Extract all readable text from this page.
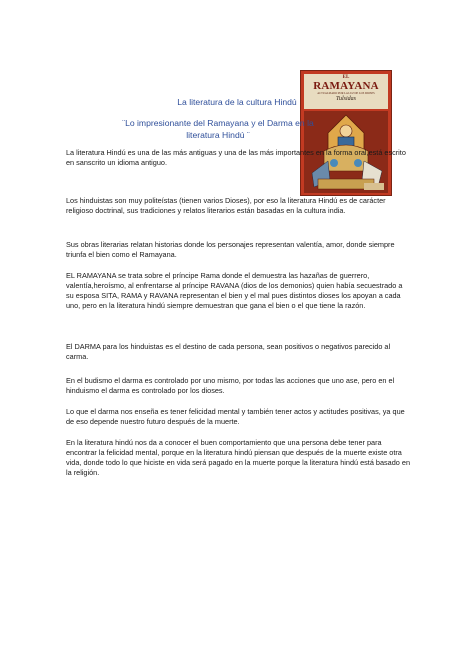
EL
RAMAYANA
ACTUALIZADO POR LA LUZ DE LOS DIOSES
Tulsidas
La literatura de la cultura Hindú
¨Lo impresionante del Ramayana y el Darma en la literatura Hindú ¨

La literatura Hindú es una de las más antiguas y una de las más importantes en la forma oral,está escrito en sanscrito un idioma antiguo.

Los hinduistas son muy politeístas (tienen varios Dioses), por eso la literatura Hindú es de carácter religioso doctrinal, sus tradiciones y relatos literarios están basadas en la cultura india.

Sus obras literarias relatan historias donde los personajes representan valentía, amor, donde siempre triunfa el bien como el Ramayana.

EL RAMAYANA se trata sobre el príncipe Rama donde el demuestra las hazañas de guerrero, valentía,heroísmo, al enfrentarse al príncipe RAVANA (dios de los demonios) quien había secuestrado a su esposa SITA, RAMA y RAVANA representan el bien y el mal pues distintos dioses los apoyan a cada uno, pero en la literatura hindú siempre demuestran que gana el bien o el que tiene la razón.

El DARMA para los hinduistas es el destino de cada persona, sean positivos o negativos parecido al carma.

En el budismo el darma es controlado por uno mismo, por todas las acciones que uno ase, pero en el hinduismo el darma es controlado por los dioses.

Lo que el darma nos enseña es tener felicidad mental y también tener actos y actitudes positivas, ya que de eso depende nuestro futuro después de la muerte.

En la literatura hindú nos da a conocer el buen comportamiento que una persona debe tener para encontrar la felicidad mental, porque en la literatura hindú piensan que después de la muerte existe otra vida, donde todo lo que hiciste en vida será pagado en la muerte porque la literatura hindú está basado en la religión.
